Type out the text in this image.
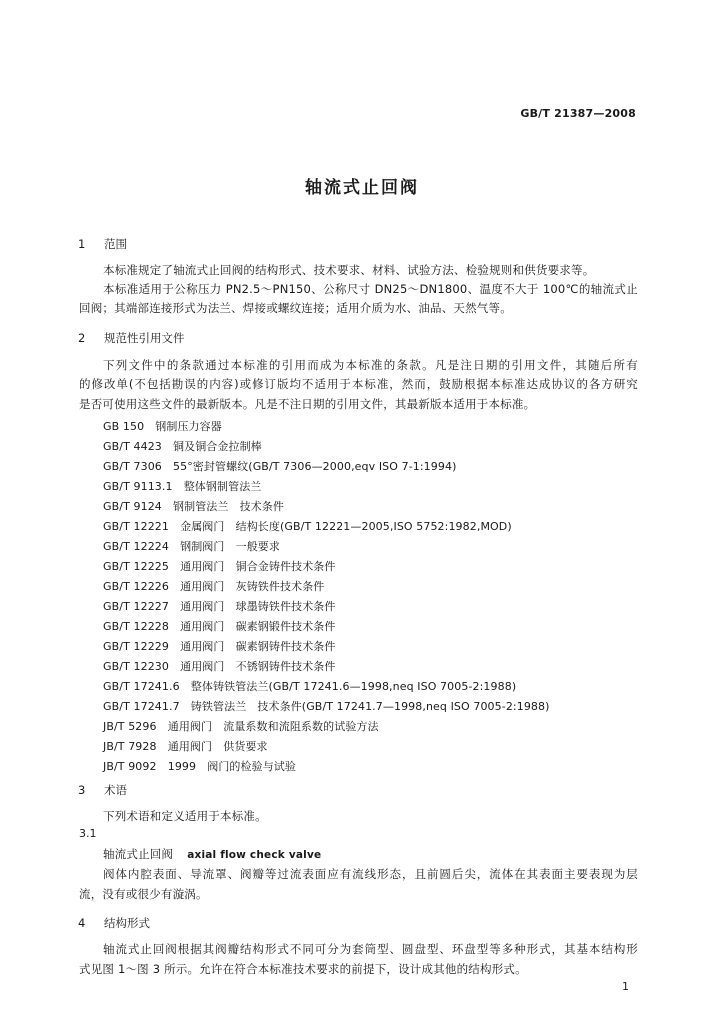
GB/T 21387—2008
轴流式止回阀
1 范围
本标准规定了轴流式止回阀的结构形式、技术要求、材料、试验方法、检验规则和供货要求等。
本标准适用于公称压力 PN2.5～PN150、公称尺寸 DN25～DN1800、温度不大于 100℃的轴流式止
回阀；其端部连接形式为法兰、焊接或螺纹连接；适用介质为水、油品、天然气等。
2 规范性引用文件
下列文件中的条款通过本标准的引用而成为本标准的条款。凡是注日期的引用文件，其随后所有
的修改单(不包括勘误的内容)或修订版均不适用于本标准，然而，鼓励根据本标准达成协议的各方研究
是否可使用这些文件的最新版本。凡是不注日期的引用文件，其最新版本适用于本标准。
GB 150　 钢制压力容器
GB/T 4423　 铜及铜合金拉制棒
GB/T 7306　 55°密封管螺纹(GB/T 7306—2000,eqv ISO 7-1:1994)
GB/T 9113.1　 整体钢制管法兰
GB/T 9124　 钢制管法兰　技术条件
GB/T 12221　 金属阀门　结构长度(GB/T 12221—2005,ISO 5752:1982,MOD)
GB/T 12224　 钢制阀门　一般要求
GB/T 12225　 通用阀门　铜合金铸件技术条件
GB/T 12226　 通用阀门　灰铸铁件技术条件
GB/T 12227　 通用阀门　球墨铸铁件技术条件
GB/T 12228　 通用阀门　碳素钢锻件技术条件
GB/T 12229　 通用阀门　碳素钢铸件技术条件
GB/T 12230　 通用阀门　不锈钢铸件技术条件
GB/T 17241.6　 整体铸铁管法兰(GB/T 17241.6—1998,neq ISO 7005-2:1988)
GB/T 17241.7　 铸铁管法兰　技术条件(GB/T 17241.7—1998,neq ISO 7005-2:1988)
JB/T 5296　 通用阀门　流量系数和流阻系数的试验方法
JB/T 7928　 通用阀门　供货要求
JB/T 9092　 1999　阀门的检验与试验
3 术语
下列术语和定义适用于本标准。
3.1
轴流式止回阀 axial flow check valve
阀体内腔表面、导流罩、阀瓣等过流表面应有流线形态，且前圆后尖，流体在其表面主要表现为层
流，没有或很少有漩涡。
4 结构形式
轴流式止回阀根据其阀瓣结构形式不同可分为套筒型、圆盘型、环盘型等多种形式，其基本结构形
式见图 1～图 3 所示。允许在符合本标准技术要求的前提下，设计成其他的结构形式。
1
